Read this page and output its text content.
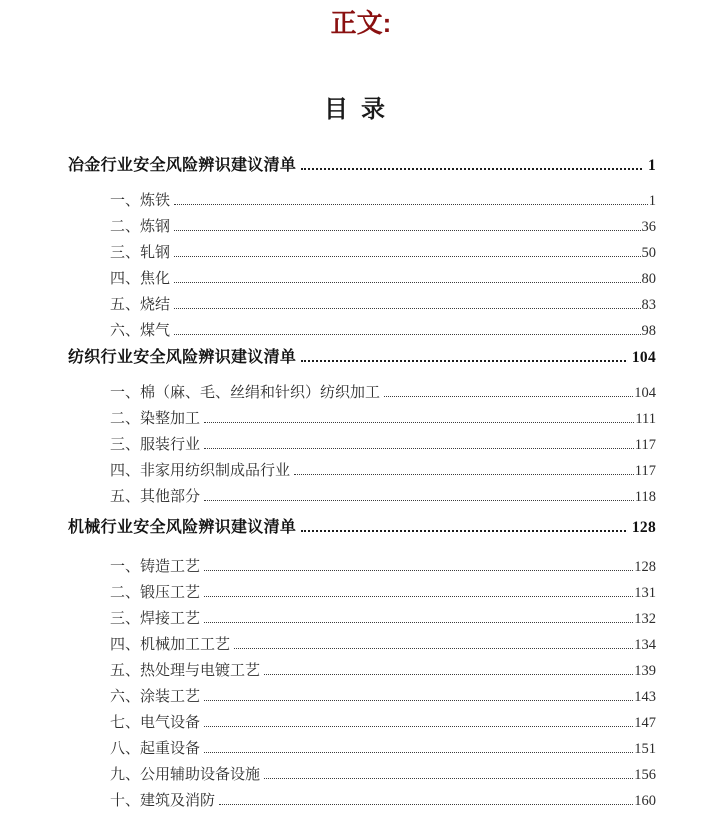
正文:
目录
冶金行业安全风险辨识建议清单	1
一、炼铁	1
二、炼钢	36
三、轧钢	50
四、焦化	80
五、烧结	83
六、煤气	98
纺织行业安全风险辨识建议清单	104
一、棉（麻、毛、丝绢和针织）纺织加工	104
二、染整加工	111
三、服装行业	117
四、非家用纺织制成品行业	117
五、其他部分	118
机械行业安全风险辨识建议清单	128
一、铸造工艺	128
二、锻压工艺	131
三、焊接工艺	132
四、机械加工工艺	134
五、热处理与电镀工艺	139
六、涂装工艺	143
七、电气设备	147
八、起重设备	151
九、公用辅助设备设施	156
十、建筑及消防	160
